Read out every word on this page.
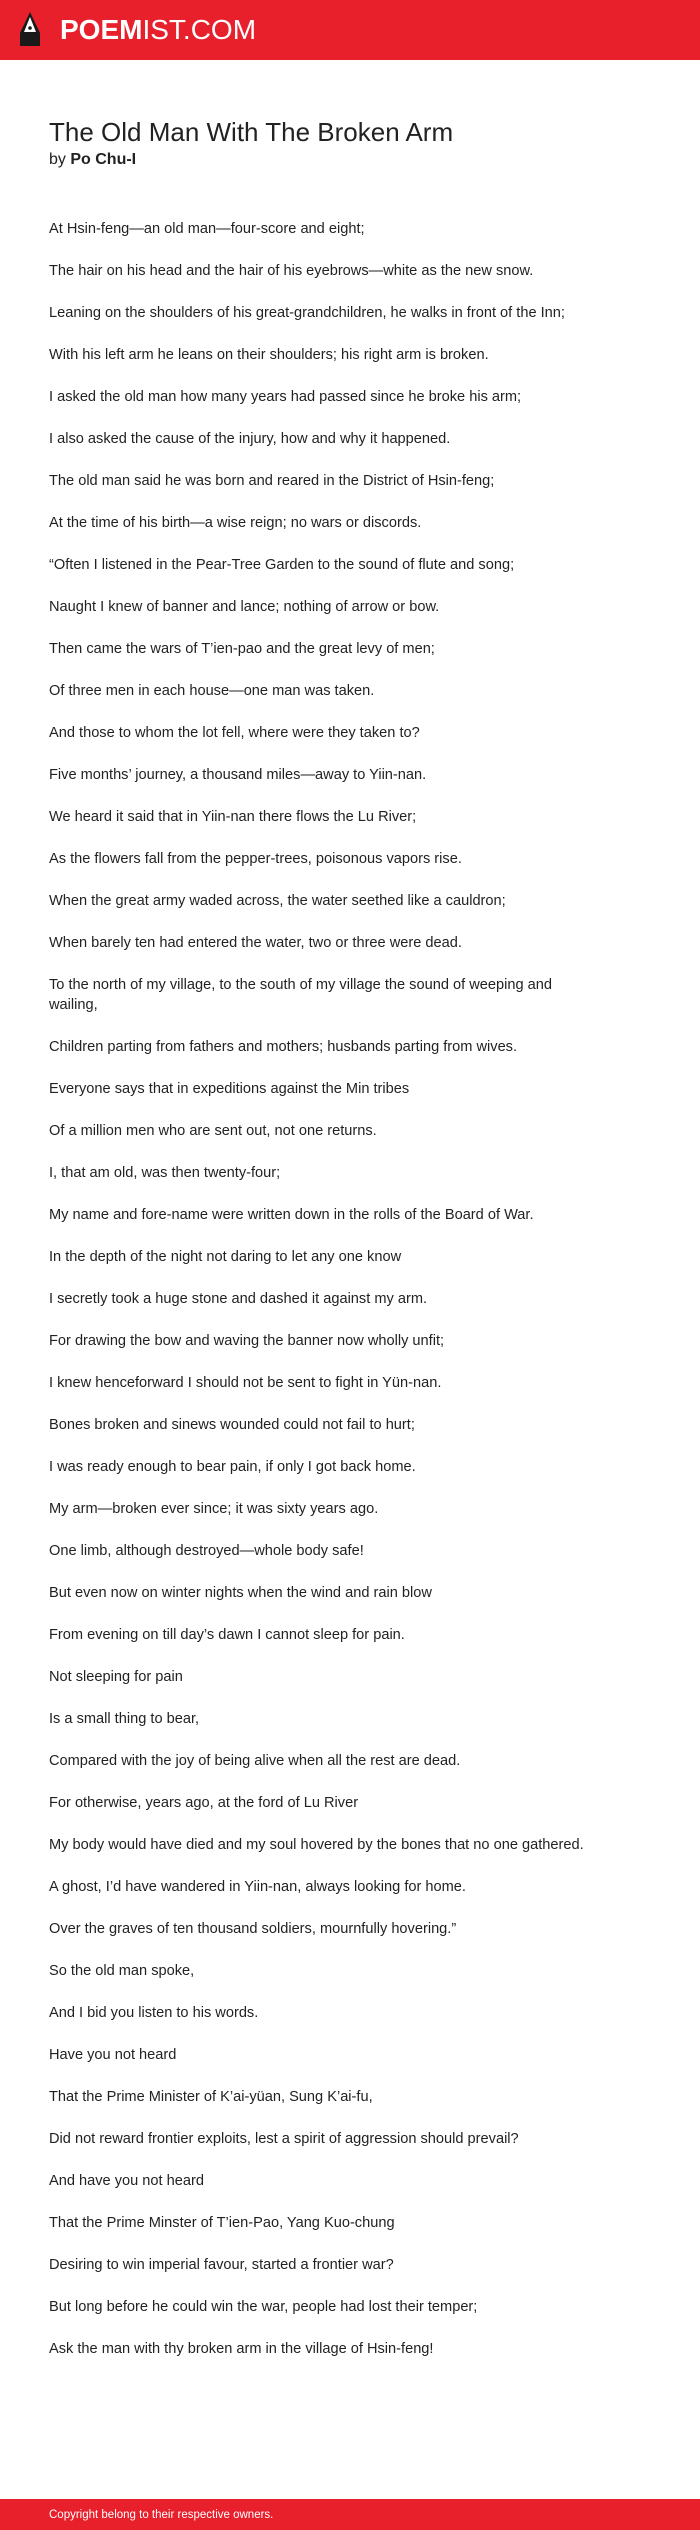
POEMIST.COM
The Old Man With The Broken Arm
by Po Chu-I

At Hsin-feng—an old man—four-score and eight;

The hair on his head and the hair of his eyebrows—white as the new snow.

Leaning on the shoulders of his great-grandchildren, he walks in front of the Inn;

With his left arm he leans on their shoulders; his right arm is broken.

I asked the old man how many years had passed since he broke his arm;

I also asked the cause of the injury, how and why it happened.

The old man said he was born and reared in the District of Hsin-feng;

At the time of his birth—a wise reign; no wars or discords.

“Often I listened in the Pear-Tree Garden to the sound of flute and song;

Naught I knew of banner and lance; nothing of arrow or bow.

Then came the wars of T’ien-pao and the great levy of men;

Of three men in each house—one man was taken.

And those to whom the lot fell, where were they taken to?

Five months’ journey, a thousand miles—away to Yiin-nan.

We heard it said that in Yiin-nan there flows the Lu River;

As the flowers fall from the pepper-trees, poisonous vapors rise.

When the great army waded across, the water seethed like a cauldron;

When barely ten had entered the water, two or three were dead.

To the north of my village, to the south of my village the sound of weeping and wailing,

Children parting from fathers and mothers; husbands parting from wives.

Everyone says that in expeditions against the Min tribes

Of a million men who are sent out, not one returns.

I, that am old, was then twenty-four;

My name and fore-name were written down in the rolls of the Board of War.

In the depth of the night not daring to let any one know

I secretly took a huge stone and dashed it against my arm.

For drawing the bow and waving the banner now wholly unfit;

I knew henceforward I should not be sent to fight in Yün-nan.

Bones broken and sinews wounded could not fail to hurt;

I was ready enough to bear pain, if only I got back home.

My arm—broken ever since; it was sixty years ago.

One limb, although destroyed—whole body safe!

But even now on winter nights when the wind and rain blow

From evening on till day’s dawn I cannot sleep for pain.

Not sleeping for pain

Is a small thing to bear,

Compared with the joy of being alive when all the rest are dead.

For otherwise, years ago, at the ford of Lu River

My body would have died and my soul hovered by the bones that no one gathered.

A ghost, I’d have wandered in Yiin-nan, always looking for home.

Over the graves of ten thousand soldiers, mournfully hovering.”

So the old man spoke,

And I bid you listen to his words.

Have you not heard

That the Prime Minister of K’ai-yüan, Sung K’ai-fu,

Did not reward frontier exploits, lest a spirit of aggression should prevail?

And have you not heard

That the Prime Minster of T’ien-Pao, Yang Kuo-chung

Desiring to win imperial favour, started a frontier war?

But long before he could win the war, people had lost their temper;

Ask the man with thy broken arm in the village of Hsin-feng!

Copyright belong to their respective owners.
